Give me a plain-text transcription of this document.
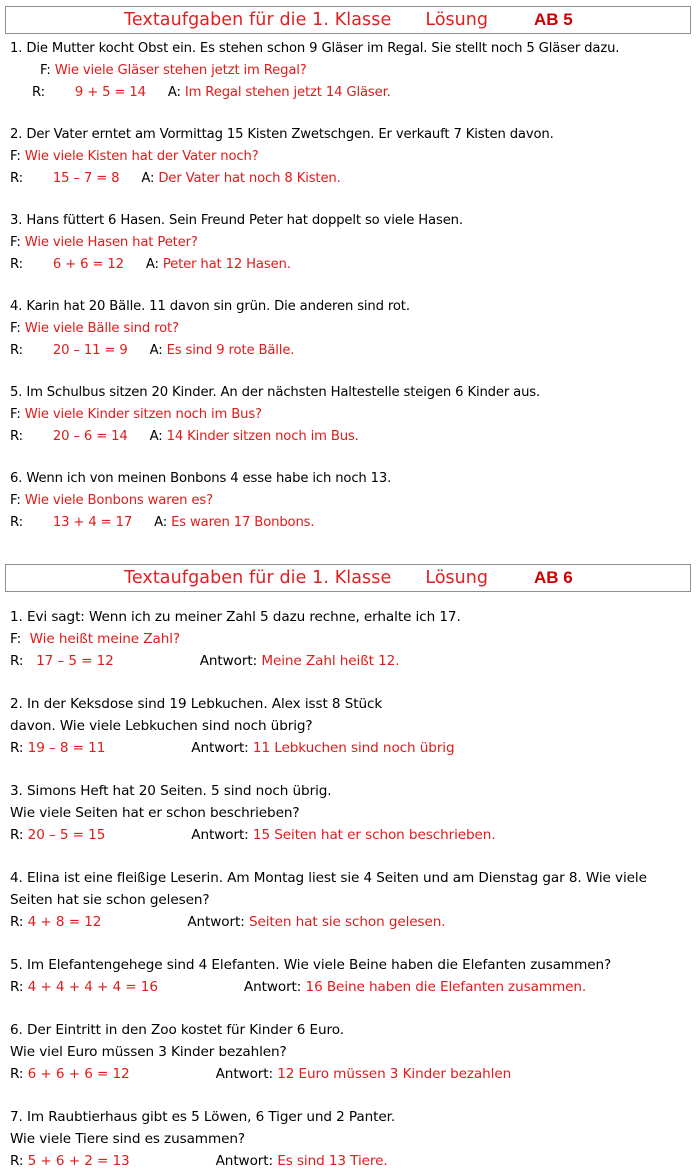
Textaufgaben für die 1. Klasse Lösung	AB 5
1. Die Mutter kocht Obst ein. Es stehen schon 9 Gläser im Regal. Sie stellt noch 5 Gläser dazu.
F: Wie viele Gläser stehen jetzt im Regal?
R: 9 + 5 = 14 A: Im Regal stehen jetzt 14 Gläser.
2. Der Vater erntet am Vormittag 15 Kisten Zwetschgen. Er verkauft 7 Kisten davon.
F: Wie viele Kisten hat der Vater noch?
R: 15 – 7 = 8 A: Der Vater hat noch 8 Kisten.
3. Hans füttert 6 Hasen. Sein Freund Peter hat doppelt so viele Hasen.
F: Wie viele Hasen hat Peter?
R: 6 + 6 = 12 A: Peter hat 12 Hasen.
4. Karin hat 20 Bälle. 11 davon sin grün. Die anderen sind rot.
F: Wie viele Bälle sind rot?
R: 20 – 11 = 9 A: Es sind 9 rote Bälle.
5. Im Schulbus sitzen 20 Kinder. An der nächsten Haltestelle steigen 6 Kinder aus.
F: Wie viele Kinder sitzen noch im Bus?
R: 20 – 6 = 14 A: 14 Kinder sitzen noch im Bus.
6. Wenn ich von meinen Bonbons 4 esse habe ich noch 13.
F: Wie viele Bonbons waren es?
R: 13 + 4 = 17 A: Es waren 17 Bonbons.
Textaufgaben für die 1. Klasse Lösung	AB 6
1. Evi sagt: Wenn ich zu meiner Zahl 5 dazu rechne, erhalte ich 17.
F: Wie heißt meine Zahl?
R: 17 – 5 = 12	Antwort: Meine Zahl heißt 12.
2. In der Keksdose sind 19 Lebkuchen. Alex isst 8 Stück
davon. Wie viele Lebkuchen sind noch übrig?
R: 19 – 8 = 11	Antwort: 11 Lebkuchen sind noch übrig
3. Simons Heft hat 20 Seiten. 5 sind noch übrig.
Wie viele Seiten hat er schon beschrieben?
R: 20 – 5 = 15	Antwort: 15 Seiten hat er schon beschrieben.
4. Elina ist eine fleißige Leserin. Am Montag liest sie 4 Seiten und am Dienstag gar 8. Wie viele
Seiten hat sie schon gelesen?
R: 4 + 8 = 12	Antwort: Seiten hat sie schon gelesen.
5. Im Elefantengehege sind 4 Elefanten. Wie viele Beine haben die Elefanten zusammen?
R: 4 + 4 + 4 + 4 = 16	Antwort: 16 Beine haben die Elefanten zusammen.
6. Der Eintritt in den Zoo kostet für Kinder 6 Euro.
Wie viel Euro müssen 3 Kinder bezahlen?
R: 6 + 6 + 6 = 12	Antwort: 12 Euro müssen 3 Kinder bezahlen
7. Im Raubtierhaus gibt es 5 Löwen, 6 Tiger und 2 Panter.
Wie viele Tiere sind es zusammen?
R: 5 + 6 + 2 = 13	Antwort: Es sind 13 Tiere.
